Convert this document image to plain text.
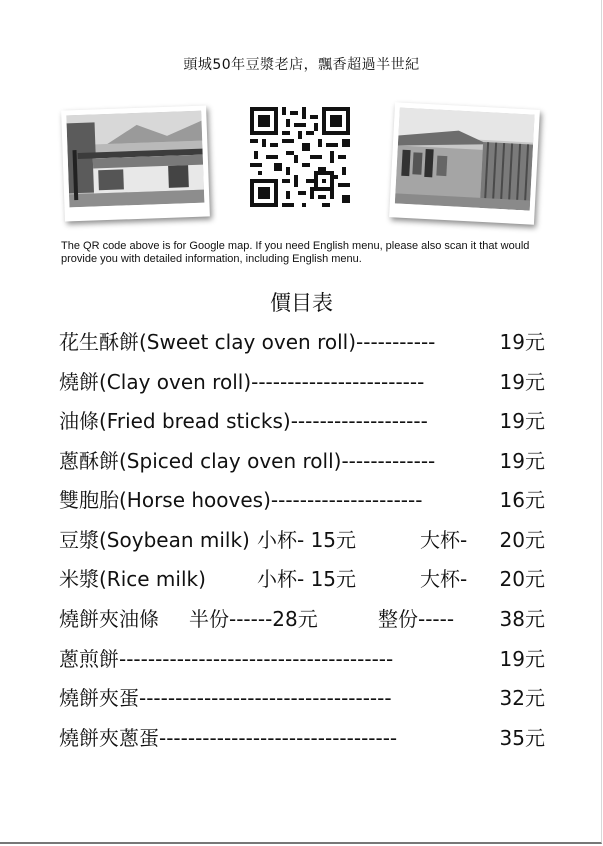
頭城50年豆漿老店，飄香超過半世紀
The QR code above is for Google map. If you need English menu, please also scan it that would provide you with detailed information, including English menu.
價目表
花生酥餅(Sweet clay oven roll)-----------	19元
燒餅(Clay oven roll)------------------------	19元
油條(Fried bread sticks)-------------------	19元
蔥酥餅(Spiced clay oven roll)-------------	19元
雙胞胎(Horse hooves)---------------------	16元
豆漿(Soybean milk) 小杯- 15元	大杯- 20元
米漿(Rice milk)	小杯- 15元	大杯- 20元
燒餅夾油條 半份------28元	整份----- 38元
蔥煎餅--------------------------------------	19元
燒餅夾蛋-----------------------------------	32元
燒餅夾蔥蛋---------------------------------	35元
